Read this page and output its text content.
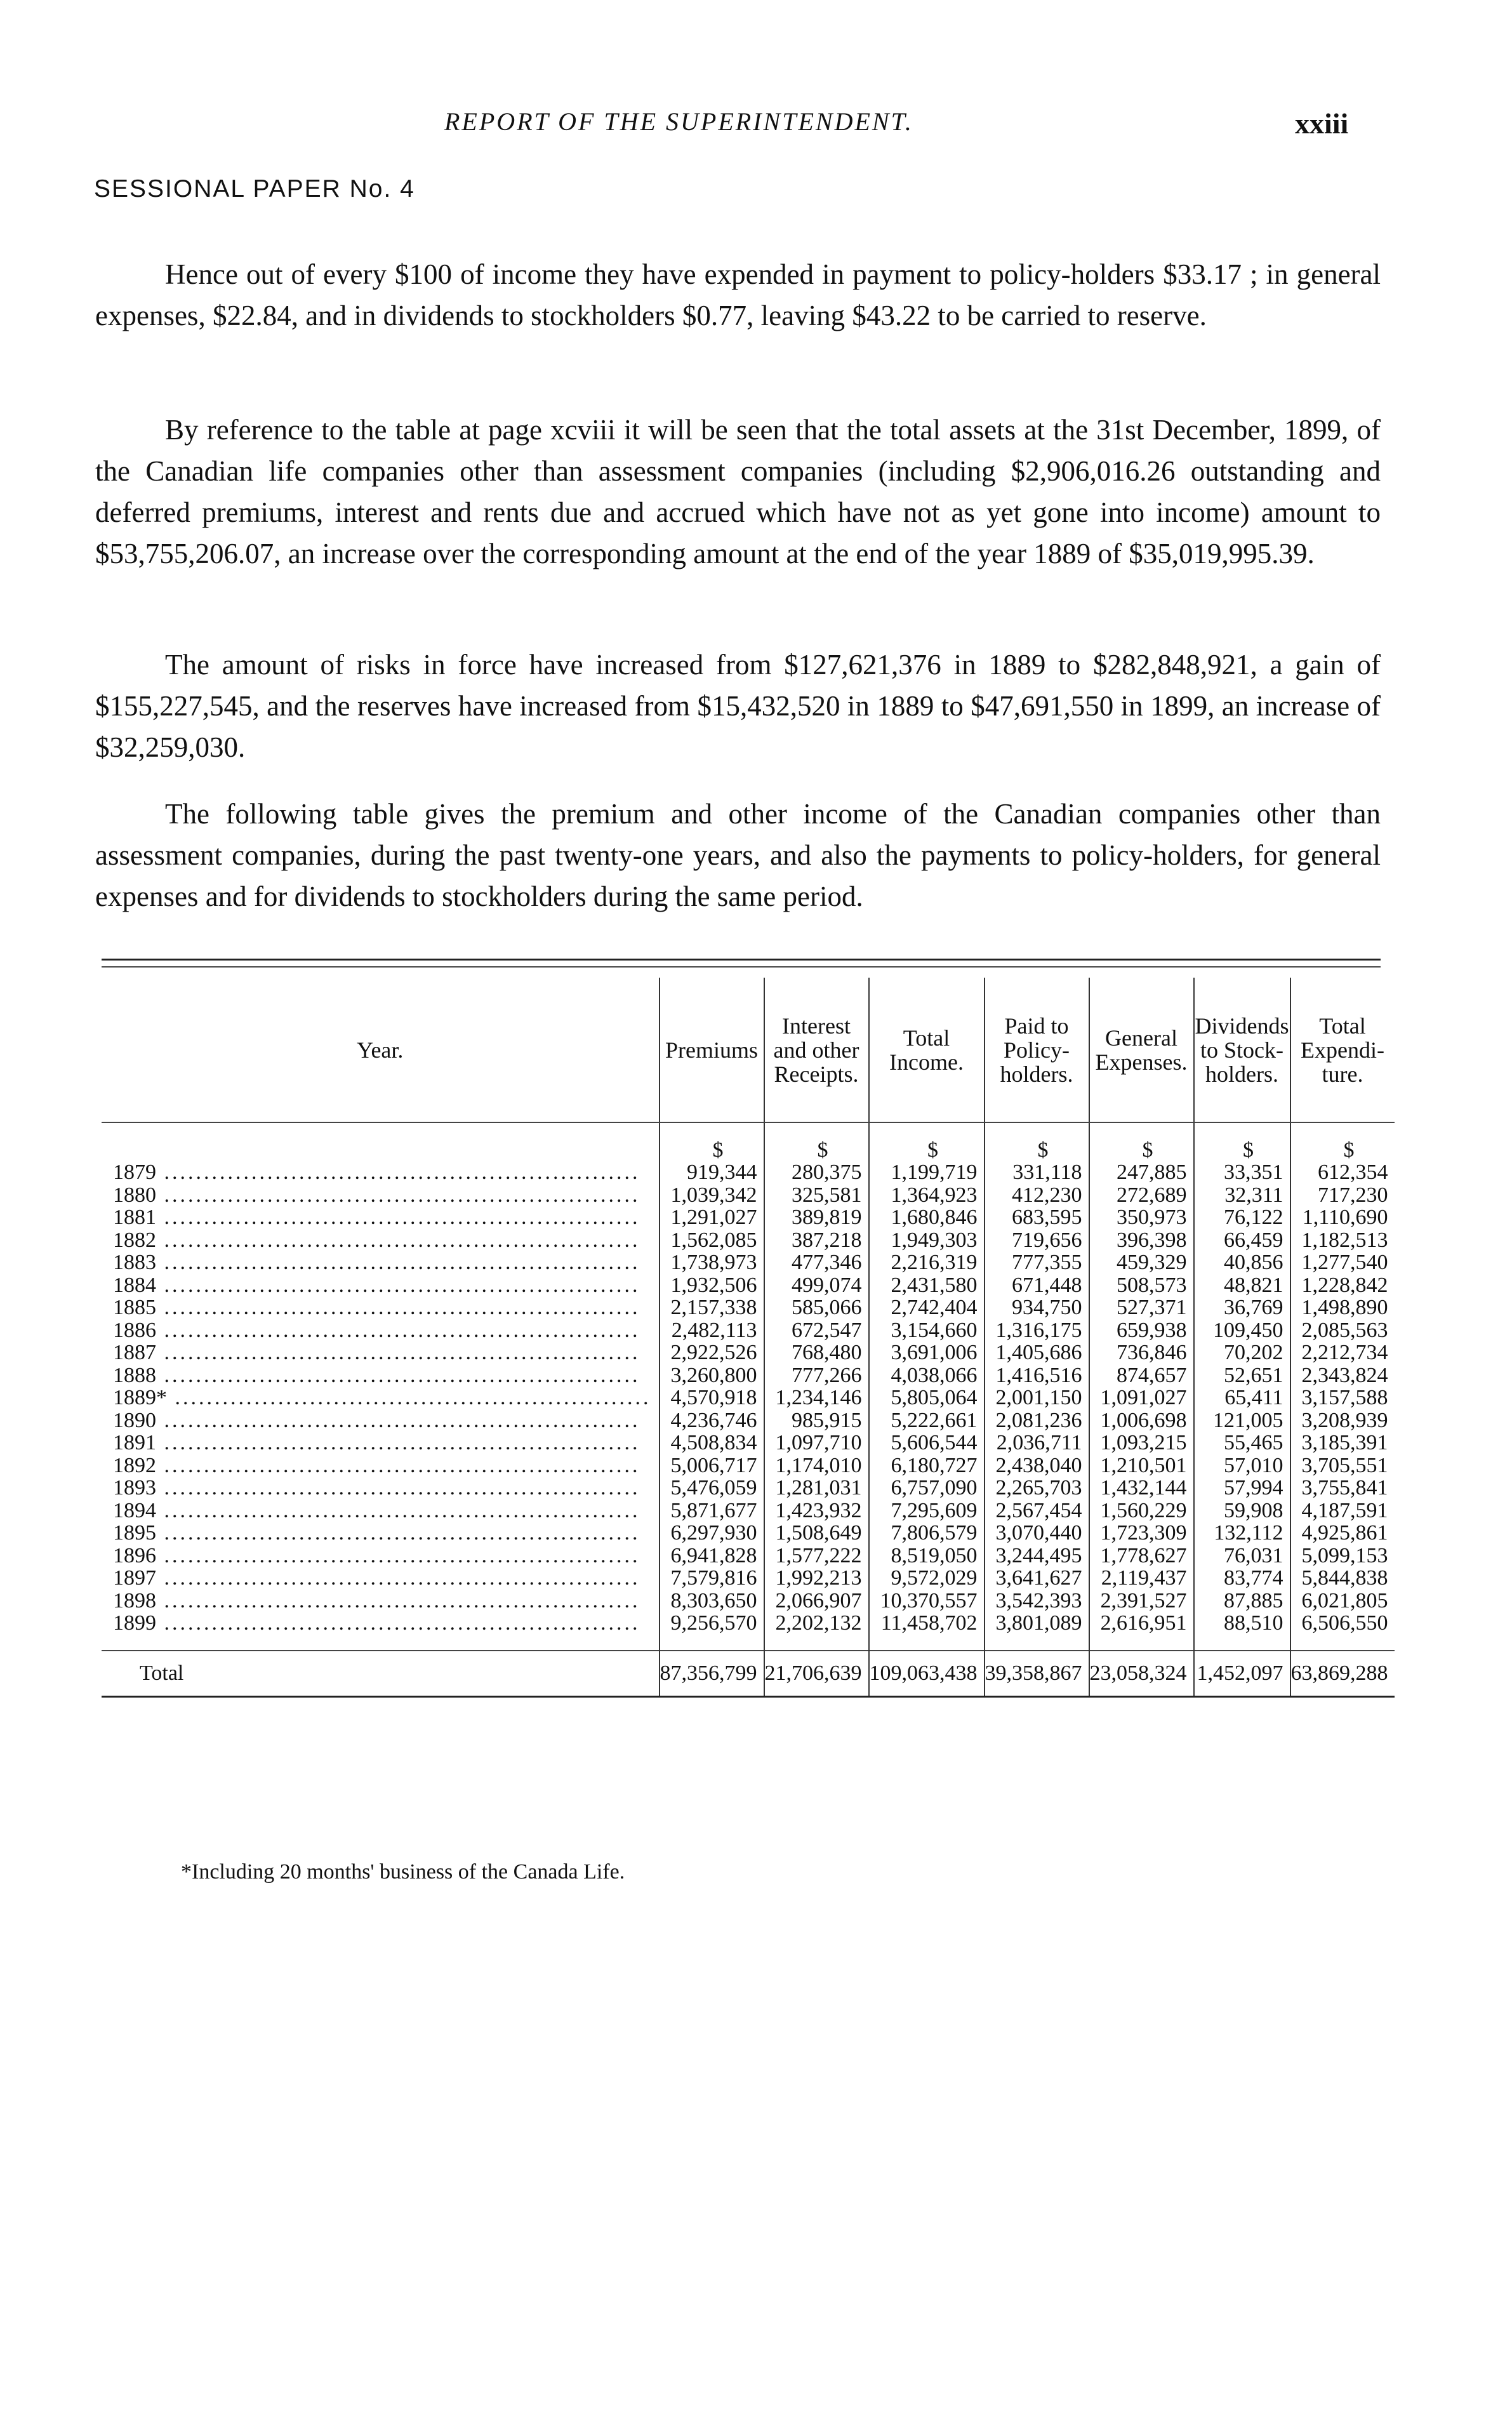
REPORT OF THE SUPERINTENDENT.	xxiii
SESSIONAL PAPER No. 4

Hence out of every $100 of income they have expended in payment to policy-holders $33.17 ; in general expenses, $22.84, and in dividends to stockholders $0.77, leaving $43.22 to be carried to reserve.

By reference to the table at page xcviii it will be seen that the total assets at the 31st December, 1899, of the Canadian life companies other than assessment companies (including $2,906,016.26 outstanding and deferred premiums, interest and rents due and accrued which have not as yet gone into income) amount to $53,755,206.07, an increase over the corresponding amount at the end of the year 1889 of $35,019,995.39.

The amount of risks in force have increased from $127,621,376 in 1889 to $282,848,921, a gain of $155,227,545, and the reserves have increased from $15,432,520 in 1889 to $47,691,550 in 1899, an increase of $32,259,030.

The following table gives the premium and other income of the Canadian companies other than assessment companies, during the past twenty-one years, and also the payments to policy-holders, for general expenses and for dividends to stockholders during the same period.

Year.	Premiums	Interest and other Receipts.	Total Income.	Paid to Policy-holders.	General Expenses.	Dividends to Stock-holders.	Total Expendi-ture.
	$	$	$	$	$	$	$
1879 .....	919,344	280,375	1,199,719	331,118	247,885	33,351	612,354
1880 .....	1,039,342	325,581	1,364,923	412,230	272,689	32,311	717,230
1881 .....	1,291,027	389,819	1,680,846	683,595	350,973	76,122	1,110,690
1882 .....	1,562,085	387,218	1,949,303	719,656	396,398	66,459	1,182,513
1883 .....	1,738,973	477,346	2,216,319	777,355	459,329	40,856	1,277,540
1884 .....	1,932,506	499,074	2,431,580	671,448	508,573	48,821	1,228,842
1885 .....	2,157,338	585,066	2,742,404	934,750	527,371	36,769	1,498,890
1886 .....	2,482,113	672,547	3,154,660	1,316,175	659,938	109,450	2,085,563
1887 .....	2,922,526	768,480	3,691,006	1,405,686	736,846	70,202	2,212,734
1888 .....	3,260,800	777,266	4,038,066	1,416,516	874,657	52,651	2,343,824
1889* .....	4,570,918	1,234,146	5,805,064	2,001,150	1,091,027	65,411	3,157,588
1890 .....	4,236,746	985,915	5,222,661	2,081,236	1,006,698	121,005	3,208,939
1891 .....	4,508,834	1,097,710	5,606,544	2,036,711	1,093,215	55,465	3,185,391
1892 .....	5,006,717	1,174,010	6,180,727	2,438,040	1,210,501	57,010	3,705,551
1893 .....	5,476,059	1,281,031	6,757,090	2,265,703	1,432,144	57,994	3,755,841
1894 .....	5,871,677	1,423,932	7,295,609	2,567,454	1,560,229	59,908	4,187,591
1895 .....	6,297,930	1,508,649	7,806,579	3,070,440	1,723,309	132,112	4,925,861
1896 .....	6,941,828	1,577,222	8,519,050	3,244,495	1,778,627	76,031	5,099,153
1897 .....	7,579,816	1,992,213	9,572,029	3,641,627	2,119,437	83,774	5,844,838
1898 .....	8,303,650	2,066,907	10,370,557	3,542,393	2,391,527	87,885	6,021,805
1899 .....	9,256,570	2,202,132	11,458,702	3,801,089	2,616,951	88,510	6,506,550

Total	87,356,799	21,706,639	109,063,438	39,358,867	23,058,324	1,452,097	63,869,288
*Including 20 months' business of the Canada Life.
